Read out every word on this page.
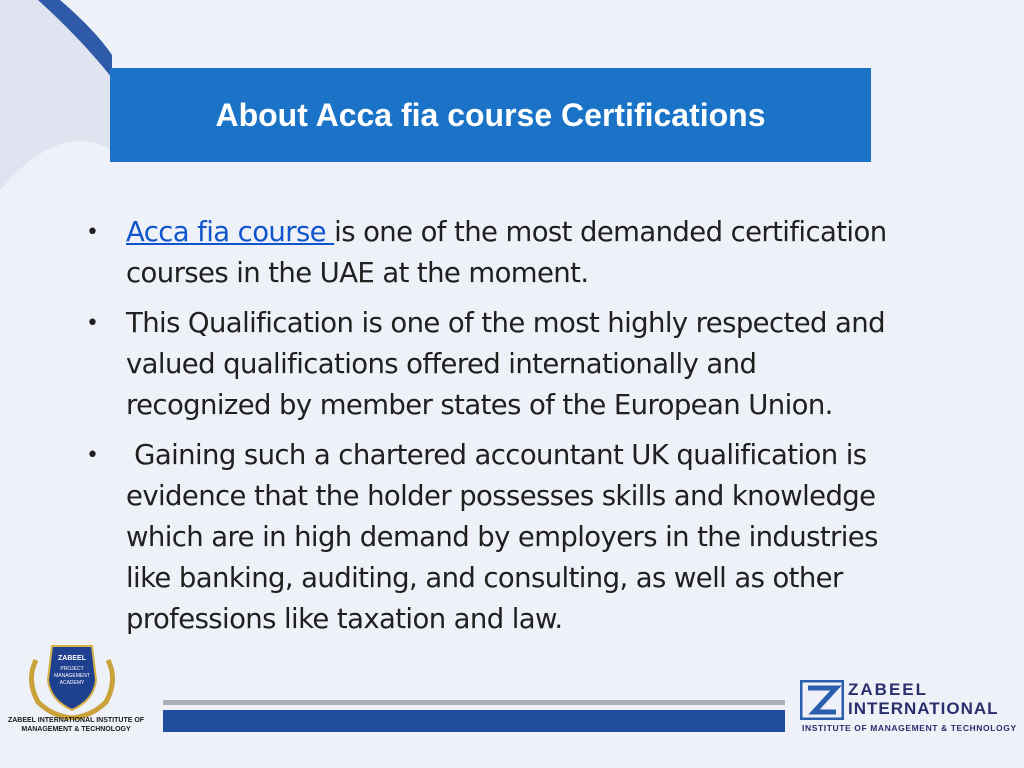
About Acca fia course Certifications
• Acca fia course is one of the most demanded certification courses in the UAE at the moment.
• This Qualification is one of the most highly respected and valued qualifications offered internationally and recognized by member states of the European Union.
• Gaining such a chartered accountant UK qualification is evidence that the holder possesses skills and knowledge which are in high demand by employers in the industries like banking, auditing, and consulting, as well as other professions like taxation and law.
ZABEEL
PROJECT
MANAGEMENT
ACADEMY
ZABEEL INTERNATIONAL INSTITUTE OF MANAGEMENT & TECHNOLOGY
ZABEEL
INTERNATIONAL
INSTITUTE OF MANAGEMENT & TECHNOLOGY
